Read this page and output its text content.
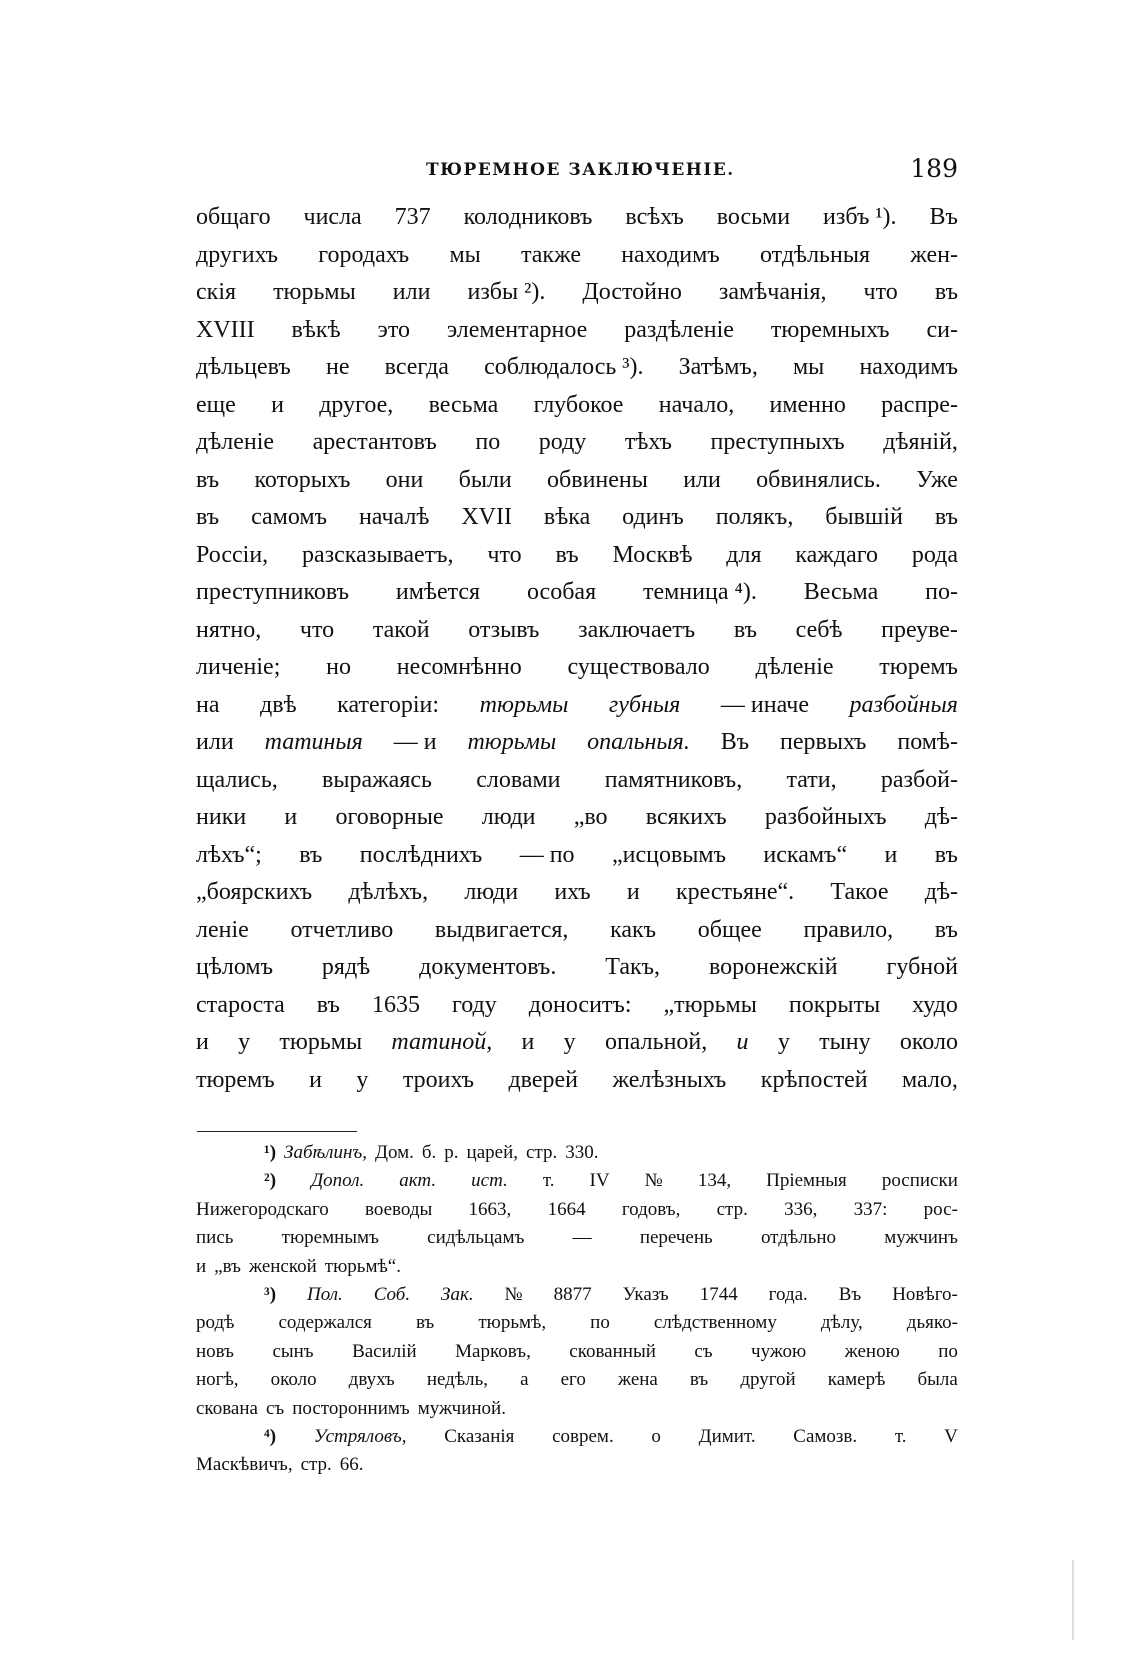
ТЮРЕМНОЕ ЗАКЛЮЧЕНІЕ.	189
общаго числа 737 колодниковъ всѣхъ восьми избъ ¹). Въ
другихъ городахъ мы также находимъ отдѣльныя жен-
скія тюрьмы или избы ²). Достойно замѣчанія, что въ
XVIII вѣкѣ это элементарное раздѣленіе тюремныхъ си-
дѣльцевъ не всегда соблюдалось ³). Затѣмъ, мы находимъ
еще и другое, весьма глубокое начало, именно распре-
дѣленіе арестантовъ по роду тѣхъ преступныхъ дѣяній,
въ которыхъ они были обвинены или обвинялись. Уже
въ самомъ началѣ XVII вѣка одинъ полякъ, бывшій въ
Россіи, разсказываетъ, что въ Москвѣ для каждаго рода
преступниковъ имѣется особая темница ⁴). Весьма по-
нятно, что такой отзывъ заключаетъ въ себѣ преуве-
личеніе; но несомнѣнно существовало дѣленіе тюремъ
на двѣ категоріи: тюрьмы губныя — иначе разбойныя
или татиныя — и тюрьмы опальныя. Въ первыхъ помѣ-
щались, выражаясь словами памятниковъ, тати, разбой-
ники и оговорные люди „во всякихъ разбойныхъ дѣ-
лѣхъ“; въ послѣднихъ — по „исцовымъ искамъ“ и въ
„боярскихъ дѣлѣхъ, люди ихъ и крестьяне“. Такое дѣ-
леніе отчетливо выдвигается, какъ общее правило, въ
цѣломъ рядѣ документовъ. Такъ, воронежскій губной
староста въ 1635 году доноситъ: „тюрьмы покрыты худо
и у тюрьмы татиной, и у опальной, и у тыну около
тюремъ и у троихъ дверей желѣзныхъ крѣпостей мало,
¹) Забѣлинъ, Дом. б. р. царей, стр. 330.
²) Допол. акт. ист. т. IV № 134, Пріемныя росписки
Нижегородскаго воеводы 1663, 1664 годовъ, стр. 336, 337: рос-
пись	тюремнымъ	сидѣльцамъ	—	перечень	отдѣльно	мужчинъ
и „въ женской тюрьмѣ“.
³) Пол. Соб. Зак. № 8877 Указъ 1744 года. Въ Новѣго-
родѣ содержался въ тюрьмѣ, по слѣдственному дѣлу, дьяко-
новъ сынъ Василій Марковъ, скованный съ чужою женою по
ногѣ, около двухъ недѣль, а его жена въ другой камерѣ была
скована съ постороннимъ мужчиной.
⁴) Устряловъ, Сказанія соврем. о Димит. Самозв. т. V
Маскѣвичъ, стр. 66.
